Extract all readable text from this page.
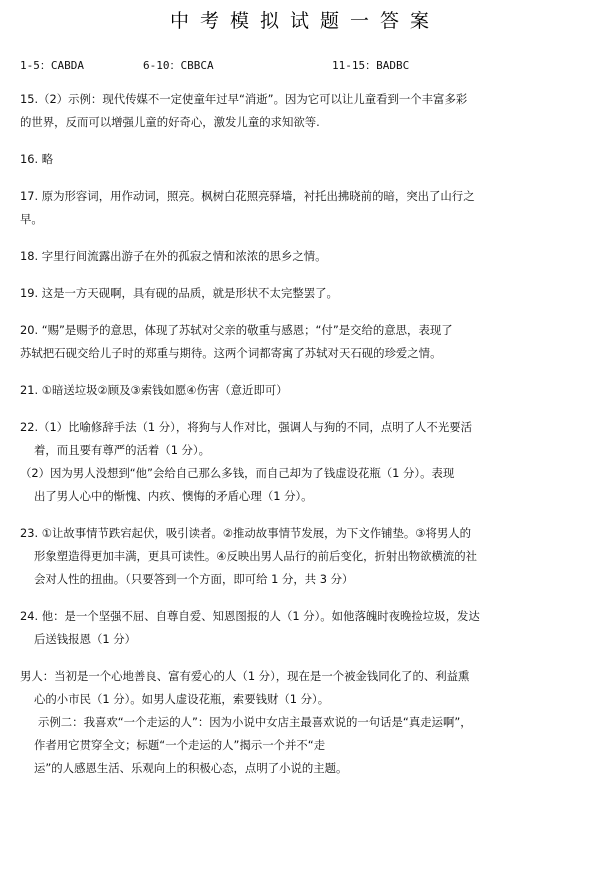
中考模拟试题一答案
1-5：CABDA	6-10：CBBCA	11-15：BADBC
15.（2）示例：现代传媒不一定使童年过早“消逝”。因为它可以让儿童看到一个丰富多彩
的世界，反而可以增强儿童的好奇心，激发儿童的求知欲等.
16. 略
17. 原为形容词，用作动词，照亮。枫树白花照亮驿墙，衬托出拂晓前的暗，突出了山行之
早。
18. 字里行间流露出游子在外的孤寂之情和浓浓的思乡之情。
19. 这是一方天砚啊，具有砚的品质，就是形状不太完整罢了。
20. “赐”是赐予的意思，体现了苏轼对父亲的敬重与感恩；“付”是交给的意思，表现了
苏轼把石砚交给儿子时的郑重与期待。这两个词都寄寓了苏轼对天石砚的珍爱之情。
21. ①暗送垃圾②顾及③索钱如愿④伤害（意近即可）
22.（1）比喻修辞手法（1 分），将狗与人作对比，强调人与狗的不同，点明了人不光要活
着，而且要有尊严的活着（1 分）。
（2）因为男人没想到“他”会给自己那么多钱，而自己却为了钱虚设花瓶（1 分）。表现
出了男人心中的惭愧、内疚、懊悔的矛盾心理（1 分）。
23. ①让故事情节跌宕起伏，吸引读者。②推动故事情节发展，为下文作铺垫。③将男人的
形象塑造得更加丰满，更具可读性。④反映出男人品行的前后变化，折射出物欲横流的社
会对人性的扭曲。（只要答到一个方面，即可给 1 分，共 3 分）
24. 他：是一个坚强不屈、自尊自爱、知恩图报的人（1 分）。如他落魄时夜晚捡垃圾，发达
后送钱报恩（1 分）
男人：当初是一个心地善良、富有爱心的人（1 分），现在是一个被金钱同化了的、利益熏
心的小市民（1 分）。如男人虚设花瓶，索要钱财（1 分）。
示例二：我喜欢“一个走运的人”：因为小说中女店主最喜欢说的一句话是“真走运啊”，
作者用它贯穿全文；标题“一个走运的人”揭示一个并不“走
运”的人感恩生活、乐观向上的积极心态，点明了小说的主题。
